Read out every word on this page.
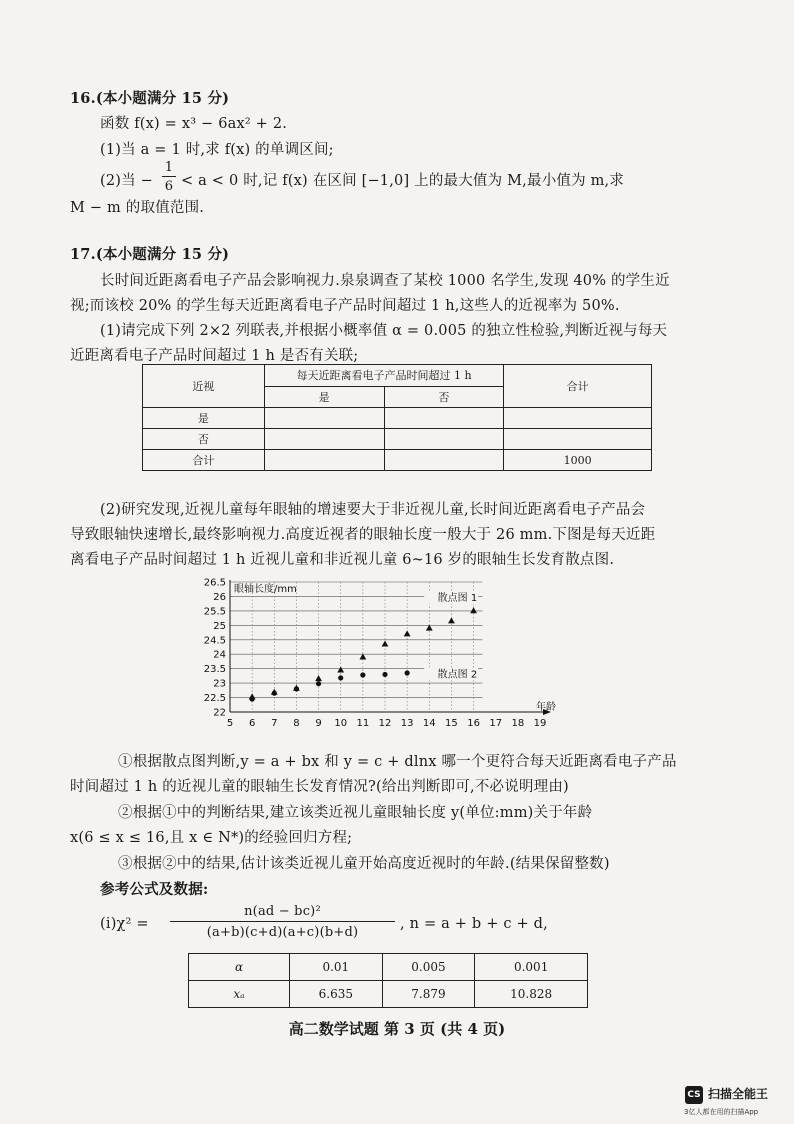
16.(本小题满分 15 分)
函数 f(x) = x³ − 6ax² + 2.
(1)当 a = 1 时,求 f(x) 的单调区间;
(2)当 −
1
6 < a < 0 时,记 f(x) 在区间 [−1,0] 上的最大值为 M,最小值为 m,求
M − m 的取值范围.
17.(本小题满分 15 分)
长时间近距离看电子产品会影响视力.泉泉调查了某校 1000 名学生,发现 40% 的学生近
视;而该校 20% 的学生每天近距离看电子产品时间超过 1 h,这些人的近视率为 50%.
(1)请完成下列 2×2 列联表,并根据小概率值 α = 0.005 的独立性检验,判断近视与每天
近距离看电子产品时间超过 1 h 是否有关联;
近视	每天近距离看电子产品时间超过 1 h		合计
	是	否	
是			
否			
合计			1000
(2)研究发现,近视儿童每年眼轴的增速要大于非近视儿童,长时间近距离看电子产品会
导致眼轴快速增长,最终影响视力.高度近视者的眼轴长度一般大于 26 mm.下图是每天近距
离看电子产品时间超过 1 h 近视儿童和非近视儿童 6~16 岁的眼轴生长发育散点图.
22
22.5
23
23.5
24
24.5
25
25.5
26
26.5
5 6 7 8 9 10 11 12 13 14 15 16 17 18 19
眼轴长度/mm
年龄
散点图 1
散点图 2
①根据散点图判断,y = a + bx 和 y = c + dlnx 哪一个更符合每天近距离看电子产品
时间超过 1 h 的近视儿童的眼轴生长发育情况?(给出判断即可,不必说明理由)
②根据①中的判断结果,建立该类近视儿童眼轴长度 y(单位:mm)关于年龄
x(6 ≤ x ≤ 16,且 x ∈ N*)的经验回归方程;
③根据②中的结果,估计该类近视儿童开始高度近视时的年龄.(结果保留整数)
参考公式及数据:
(ⅰ)χ² =
n(ad − bc)²
(a+b)(c+d)(a+c)(b+d)
, n = a + b + c + d,
α	0.01	0.005	0.001
xₐ	6.635	7.879	10.828
高二数学试题 第 3 页 (共 4 页)
CS 扫描全能王
3亿人都在用的扫描App
